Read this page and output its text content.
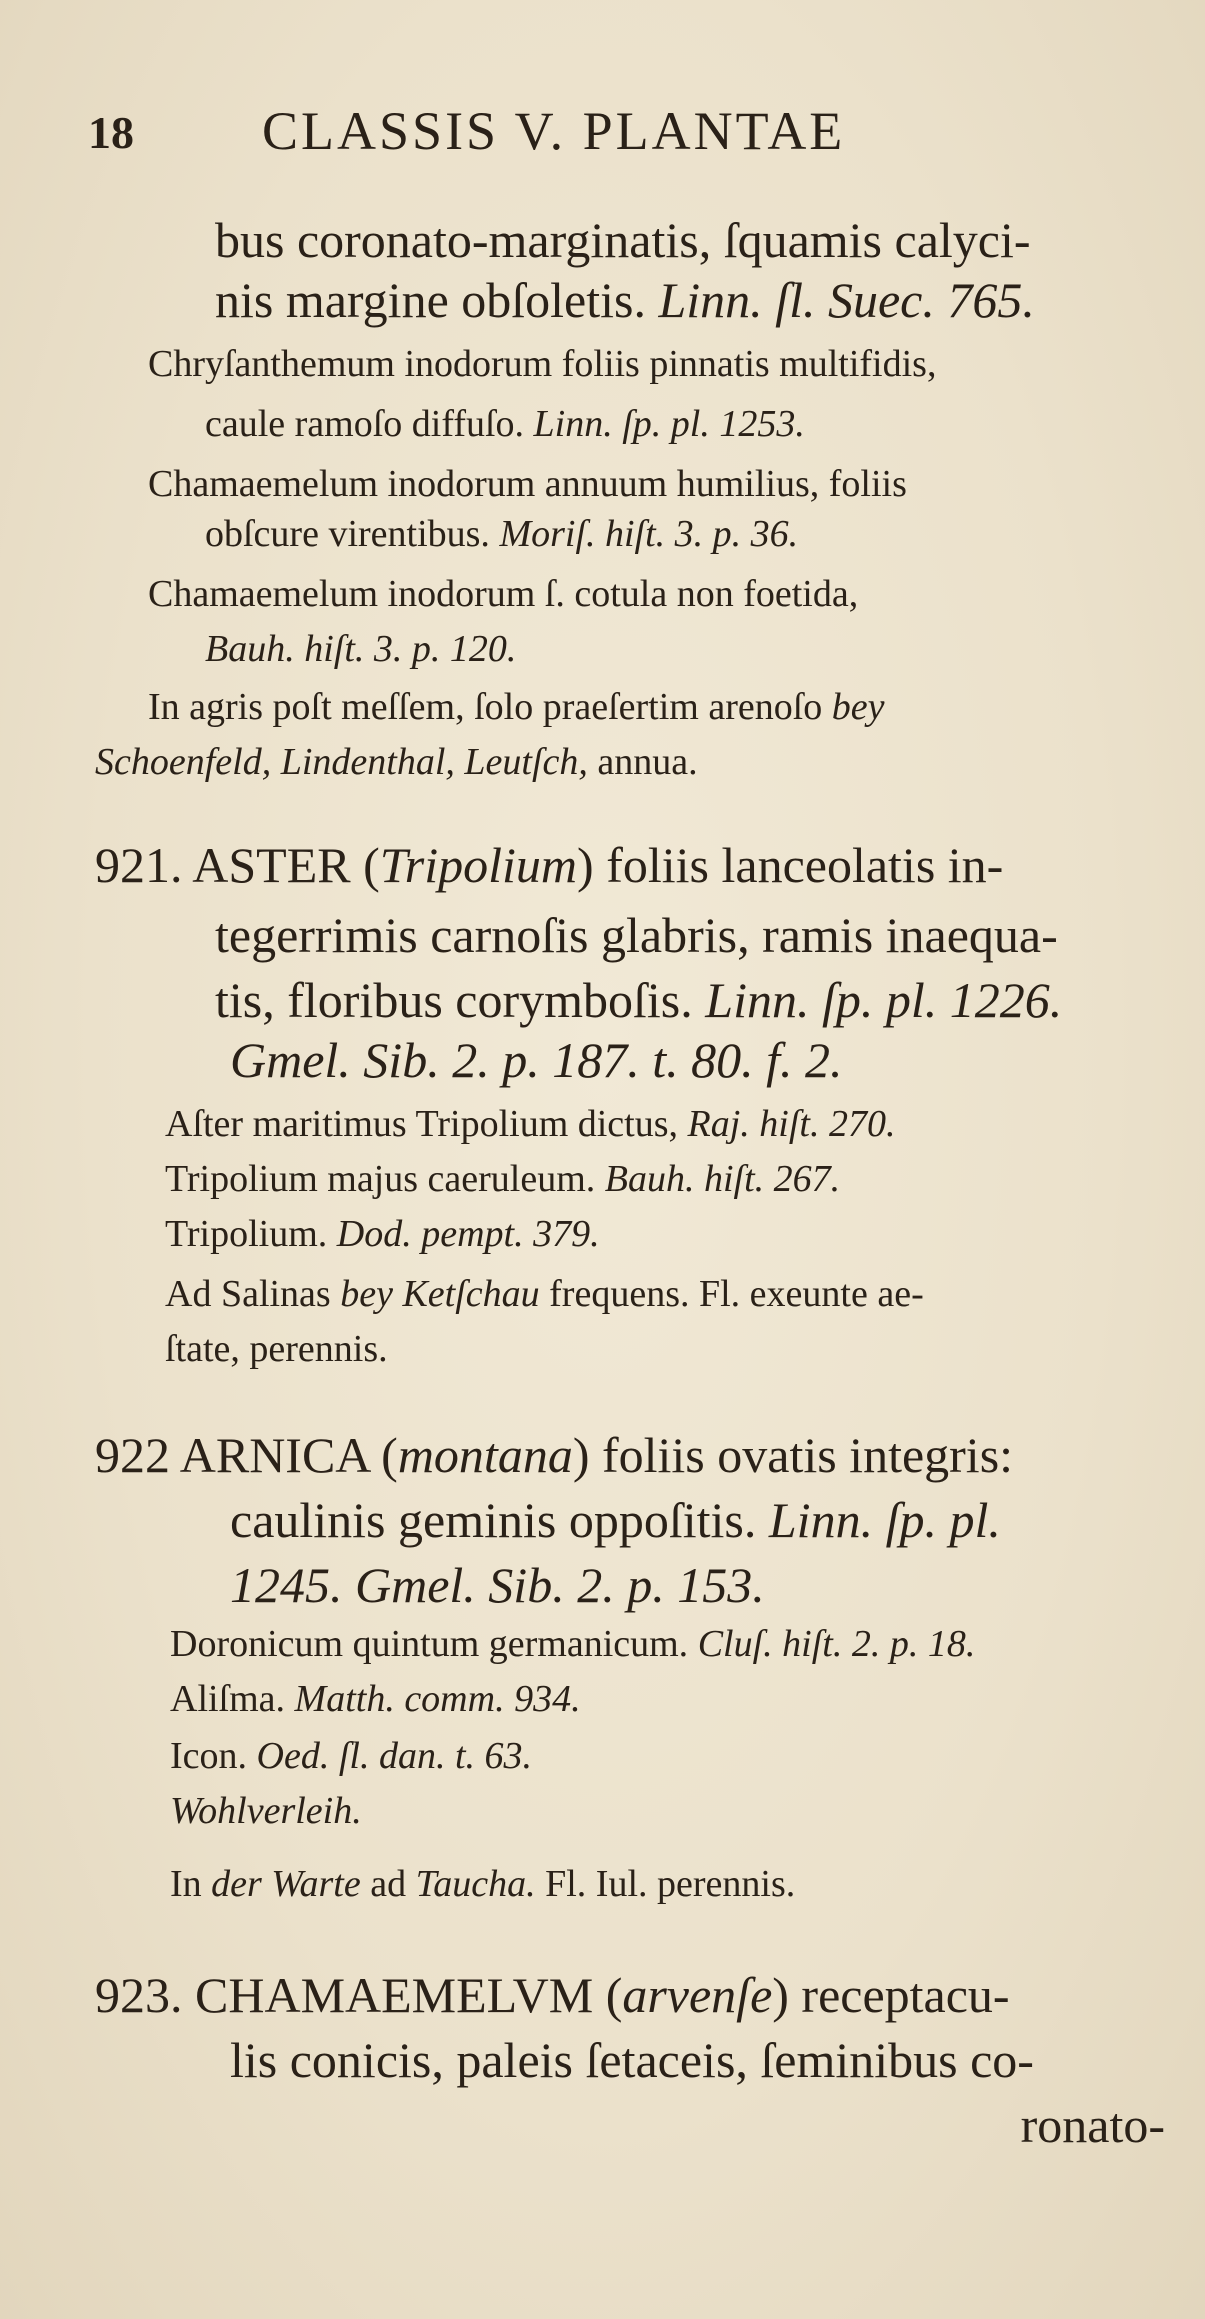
18 CLASSIS V. PLANTAE
bus coronato-marginatis, ſquamis calyci-
nis margine obſoletis. Linn. ſl. Suec. 765.
Chryſanthemum inodorum foliis pinnatis multifidis,
caule ramoſo diffuſo. Linn. ſp. pl. 1253.
Chamaemelum inodorum annuum humilius, foliis
obſcure virentibus. Moriſ. hiſt. 3. p. 36.
Chamaemelum inodorum ſ. cotula non foetida,
Bauh. hiſt. 3. p. 120.
In agris poſt meſſem, ſolo praeſertim arenoſo bey
Schoenfeld, Lindenthal, Leutſch, annua.
921. ASTER (Tripolium) foliis lanceolatis in-
tegerrimis carnoſis glabris, ramis inaequa-
tis, floribus corymboſis. Linn. ſp. pl. 1226.
Gmel. Sib. 2. p. 187. t. 80. f. 2.
Aſter maritimus Tripolium dictus, Raj. hiſt. 270.
Tripolium majus caeruleum. Bauh. hiſt. 267.
Tripolium. Dod. pempt. 379.
Ad Salinas bey Ketſchau frequens. Fl. exeunte ae-
ſtate, perennis.
922 ARNICA (montana) foliis ovatis integris:
caulinis geminis oppoſitis. Linn. ſp. pl.
1245. Gmel. Sib. 2. p. 153.
Doronicum quintum germanicum. Cluſ. hiſt. 2. p. 18.
Aliſma. Matth. comm. 934.
Icon. Oed. ſl. dan. t. 63.
Wohlverleih.
In der Warte ad Taucha. Fl. Iul. perennis.
923. CHAMAEMELVM (arvenſe) receptacu-
lis conicis, paleis ſetaceis, ſeminibus co-
ronato-
